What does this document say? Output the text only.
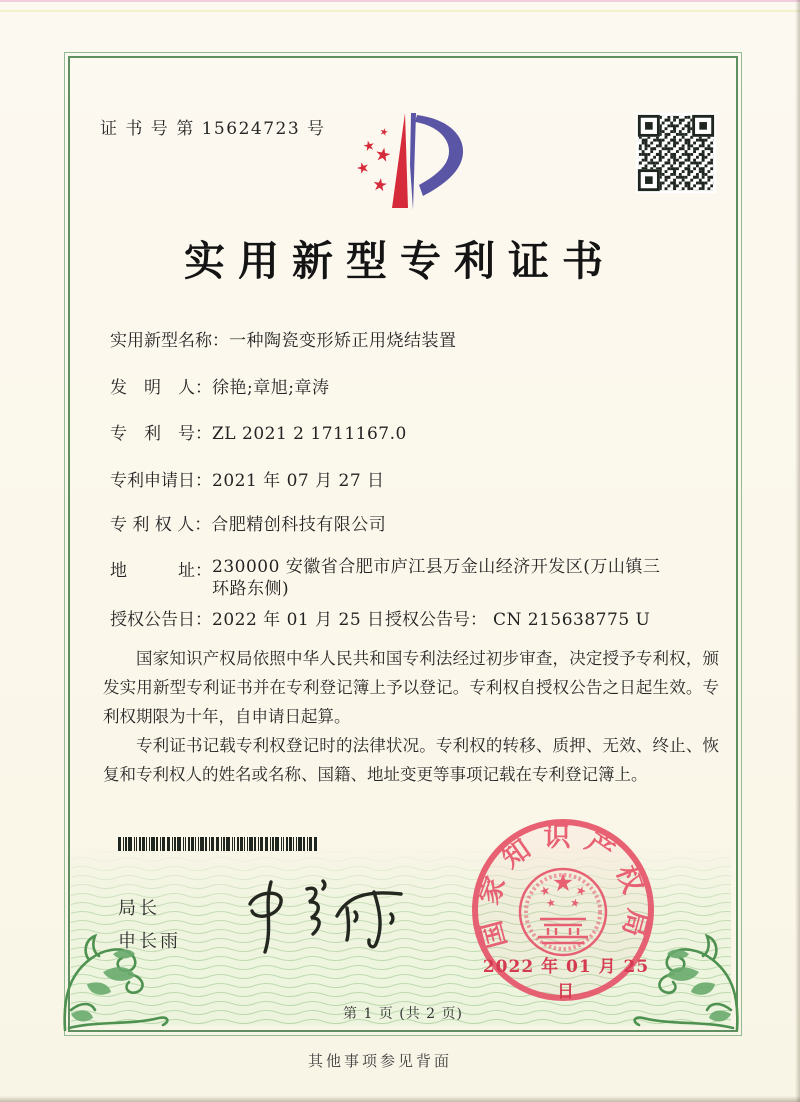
证 书 号 第 15624723 号
实用新型专利证书
实用新型名称：一种陶瓷变形矫正用烧结装置
发　明　人：徐艳;章旭;章涛
专　利　号：ZL 2021 2 1711167.0
专利申请日：2021 年 07 月 27 日
专 利 权 人：合肥精创科技有限公司
地　　　址： 230000 安徽省合肥市庐江县万金山经济开发区(万山镇三
环路东侧)
授权公告日：2022 年 01 月 25 日 授权公告号： CN 215638775 U

国家知识产权局依照中华人民共和国专利法经过初步审查，决定授予专利权，颁发实用新型专利证书并在专利登记簿上予以登记。专利权自授权公告之日起生效。专利权期限为十年，自申请日起算。

专利证书记载专利权登记时的法律状况。专利权的转移、质押、无效、终止、恢复和专利权人的姓名或名称、国籍、地址变更等事项记载在专利登记簿上。

局长
申长雨	国家知识产权局
2022 年 01 月 25 日
第 1 页 (共 2 页)
其他事项参见背面
